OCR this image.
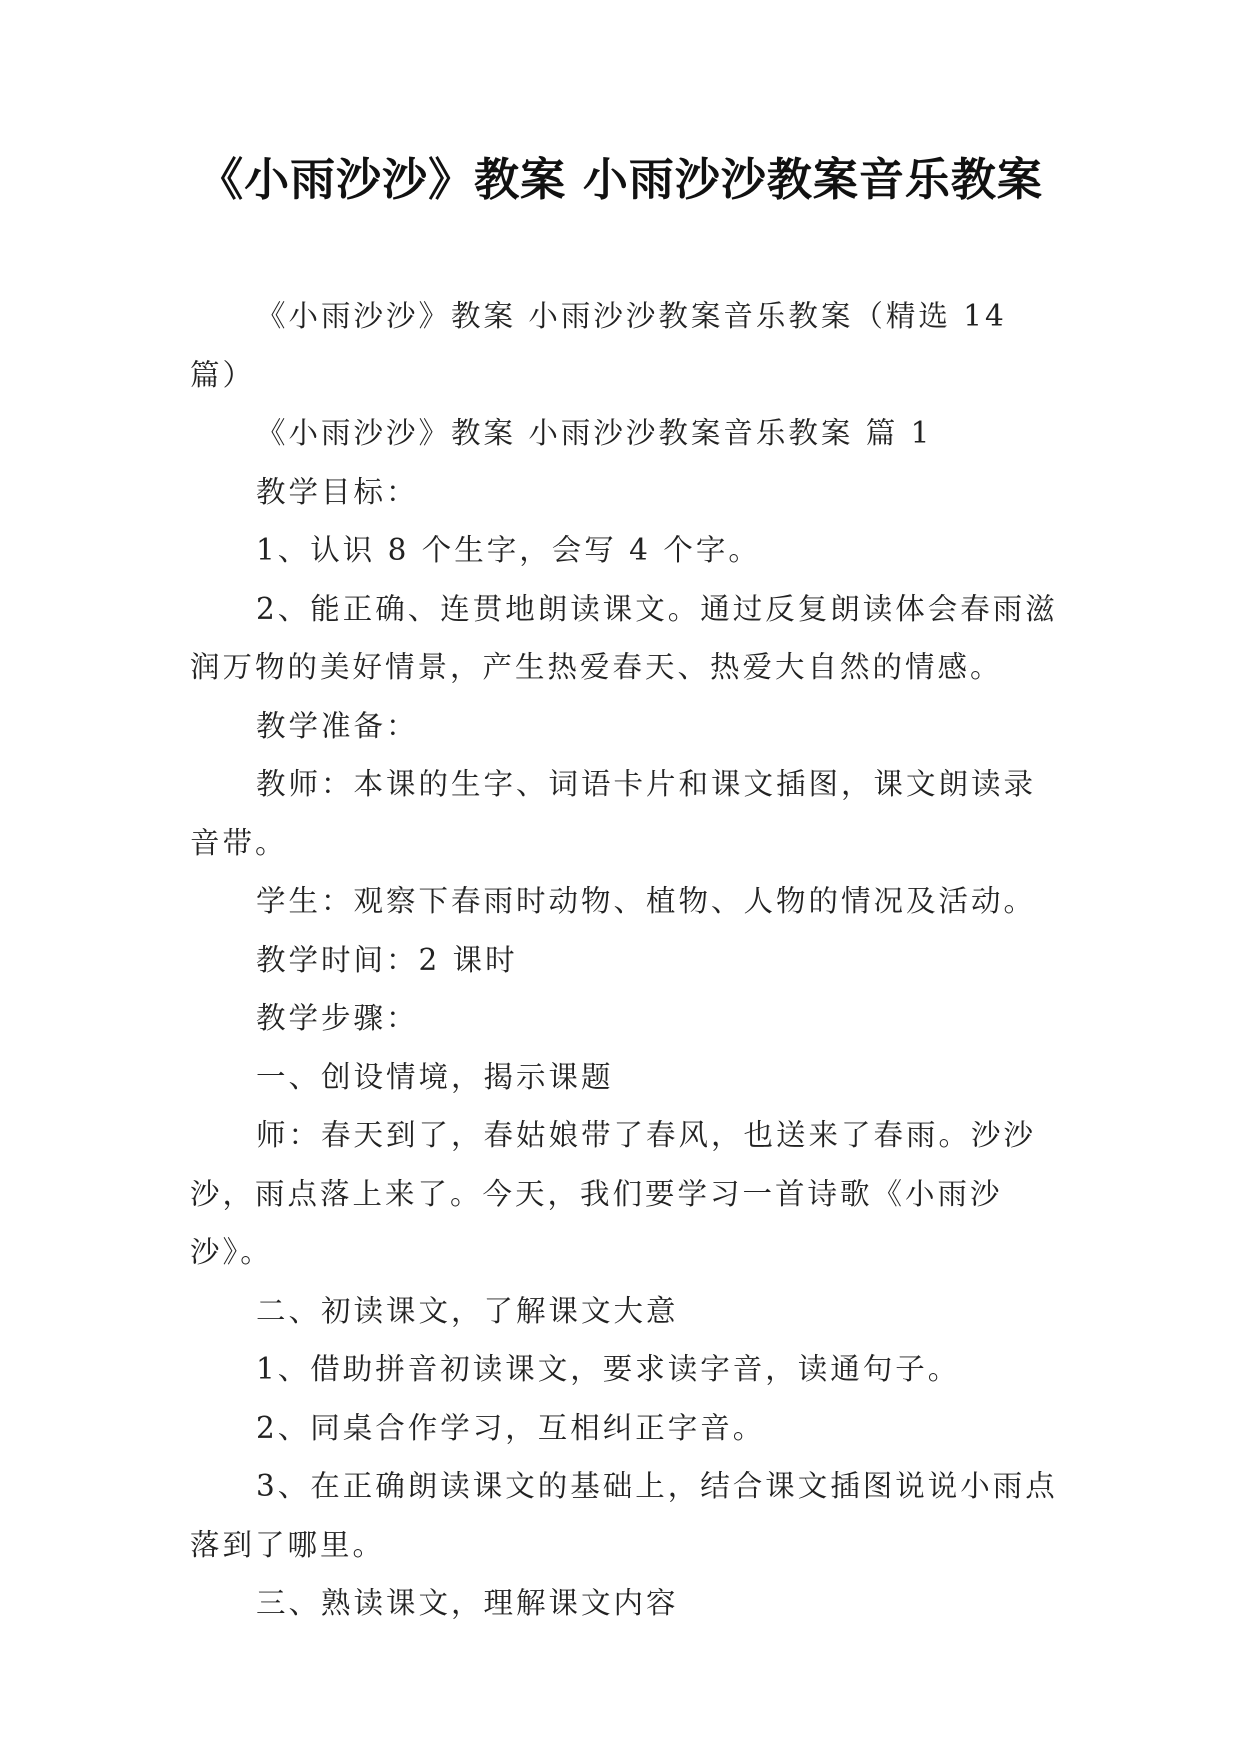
《小雨沙沙》教案 小雨沙沙教案音乐教案

《小雨沙沙》教案 小雨沙沙教案音乐教案（精选 14 篇）

《小雨沙沙》教案 小雨沙沙教案音乐教案 篇 1

教学目标：

1、认识 8 个生字，会写 4 个字。

2、能正确、连贯地朗读课文。通过反复朗读体会春雨滋润万物的美好情景，产生热爱春天、热爱大自然的情感。

教学准备：

教师：本课的生字、词语卡片和课文插图，课文朗读录音带。

学生：观察下春雨时动物、植物、人物的情况及活动。

教学时间：2 课时

教学步骤：

一、创设情境，揭示课题

师：春天到了，春姑娘带了春风，也送来了春雨。沙沙沙，雨点落上来了。今天，我们要学习一首诗歌《小雨沙沙》。

二、初读课文，了解课文大意

1、借助拼音初读课文，要求读字音，读通句子。

2、同桌合作学习，互相纠正字音。

3、在正确朗读课文的基础上，结合课文插图说说小雨点落到了哪里。

三、熟读课文，理解课文内容
